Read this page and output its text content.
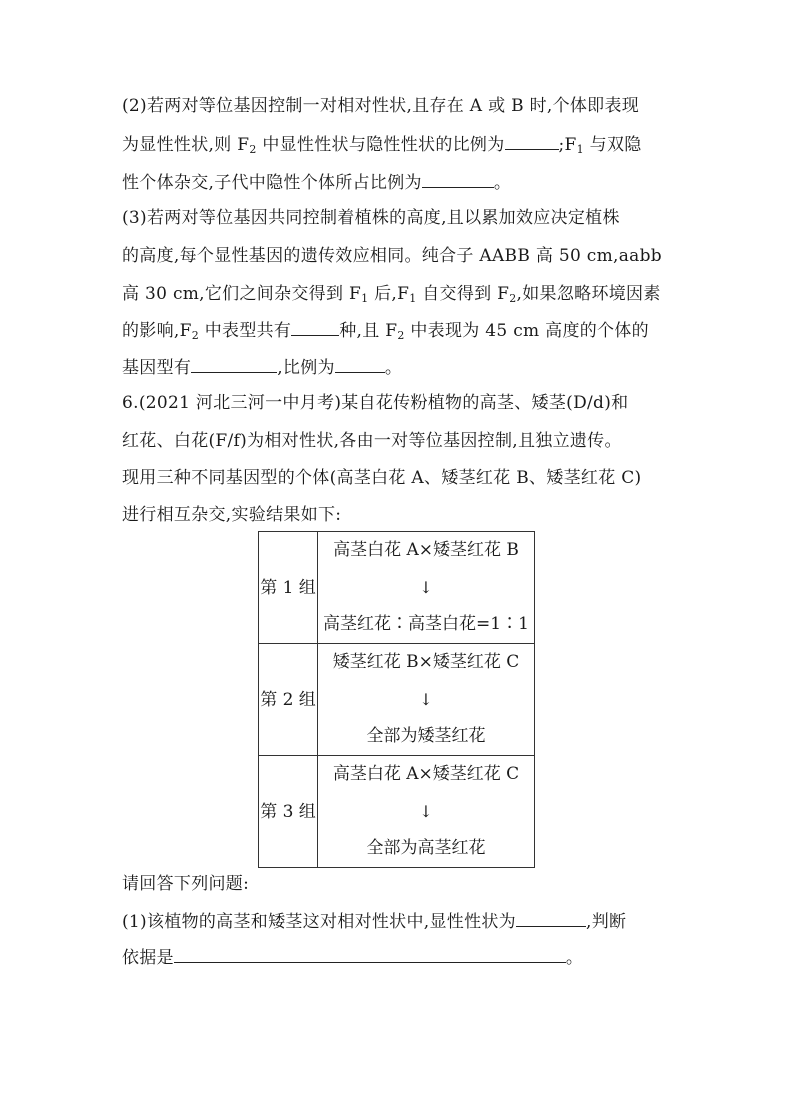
(2)若两对等位基因控制一对相对性状,且存在 A 或 B 时,个体即表现
为显性性状,则 $F_2$ 中显性性状与隐性性状的比例为	$;F_1$ 与双隐
性个体杂交,子代中隐性个体所占比例为	。
(3)若两对等位基因共同控制着植株的高度,且以累加效应决定植株
的高度,每个显性基因的遗传效应相同。纯合子 AABB 高 50 cm,aabb
高 30 cm,它们之间杂交得到 $F_1$ 后$,F_1$ 自交得到 $F_2$,如果忽略环境因素
的影响$,F_2$ 中表型共有	种,且 $F_2$ 中表现为 45 cm 高度的个体的
基因型有	,比例为	。
6.(2021 河北三河一中月考)某自花传粉植物的高茎、矮茎(D/d)和
红花、白花(F/f)为相对性状,各由一对等位基因控制,且独立遗传。
现用三种不同基因型的个体(高茎白花 A、矮茎红花 B、矮茎红花 C)
进行相互杂交,实验结果如下:
第 1 组	高茎白花 A×矮茎红花 B
↓
高茎红花∶高茎白花=1∶1

第 2 组	矮茎红花 B×矮茎红花 C
↓
全部为矮茎红花

第 3 组	高茎白花 A×矮茎红花 C
↓
全部为高茎红花
请回答下列问题:
(1)该植物的高茎和矮茎这对相对性状中,显性性状为	,判断
依据是	。
